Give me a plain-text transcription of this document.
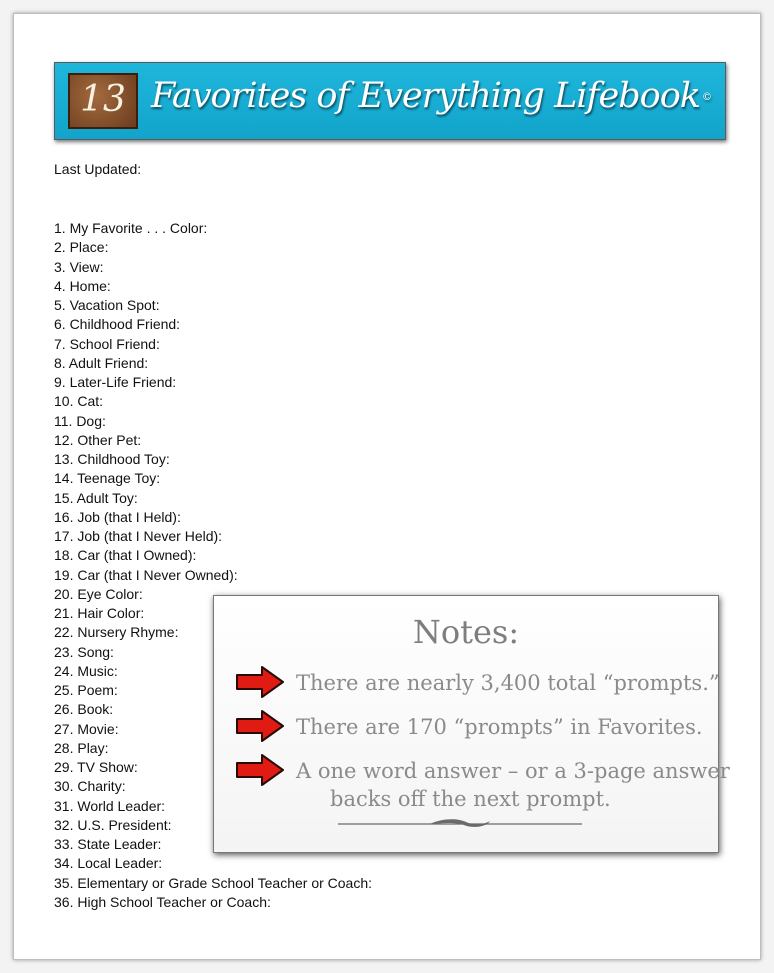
13 Favorites of Everything Lifebook ©
Last Updated:
1. My Favorite . . . Color:
2. Place:
3. View:
4. Home:
5. Vacation Spot:
6. Childhood Friend:
7. School Friend:
8. Adult Friend:
9. Later-Life Friend:
10. Cat:
11. Dog:
12. Other Pet:
13. Childhood Toy:
14. Teenage Toy:
15. Adult Toy:
16. Job (that I Held):
17. Job (that I Never Held):
18. Car (that I Owned):
19. Car (that I Never Owned):
20. Eye Color:
21. Hair Color:
22. Nursery Rhyme:
23. Song:
24. Music:
25. Poem:
26. Book:
27. Movie:
28. Play:
29. TV Show:
30. Charity:
31. World Leader:
32. U.S. President:
33. State Leader:
34. Local Leader:
35. Elementary or Grade School Teacher or Coach:
36. High School Teacher or Coach:
Notes:
There are nearly 3,400 total “prompts.”
There are 170 “prompts” in Favorites.
A one word answer – or a 3-page answer
backs off the next prompt.
